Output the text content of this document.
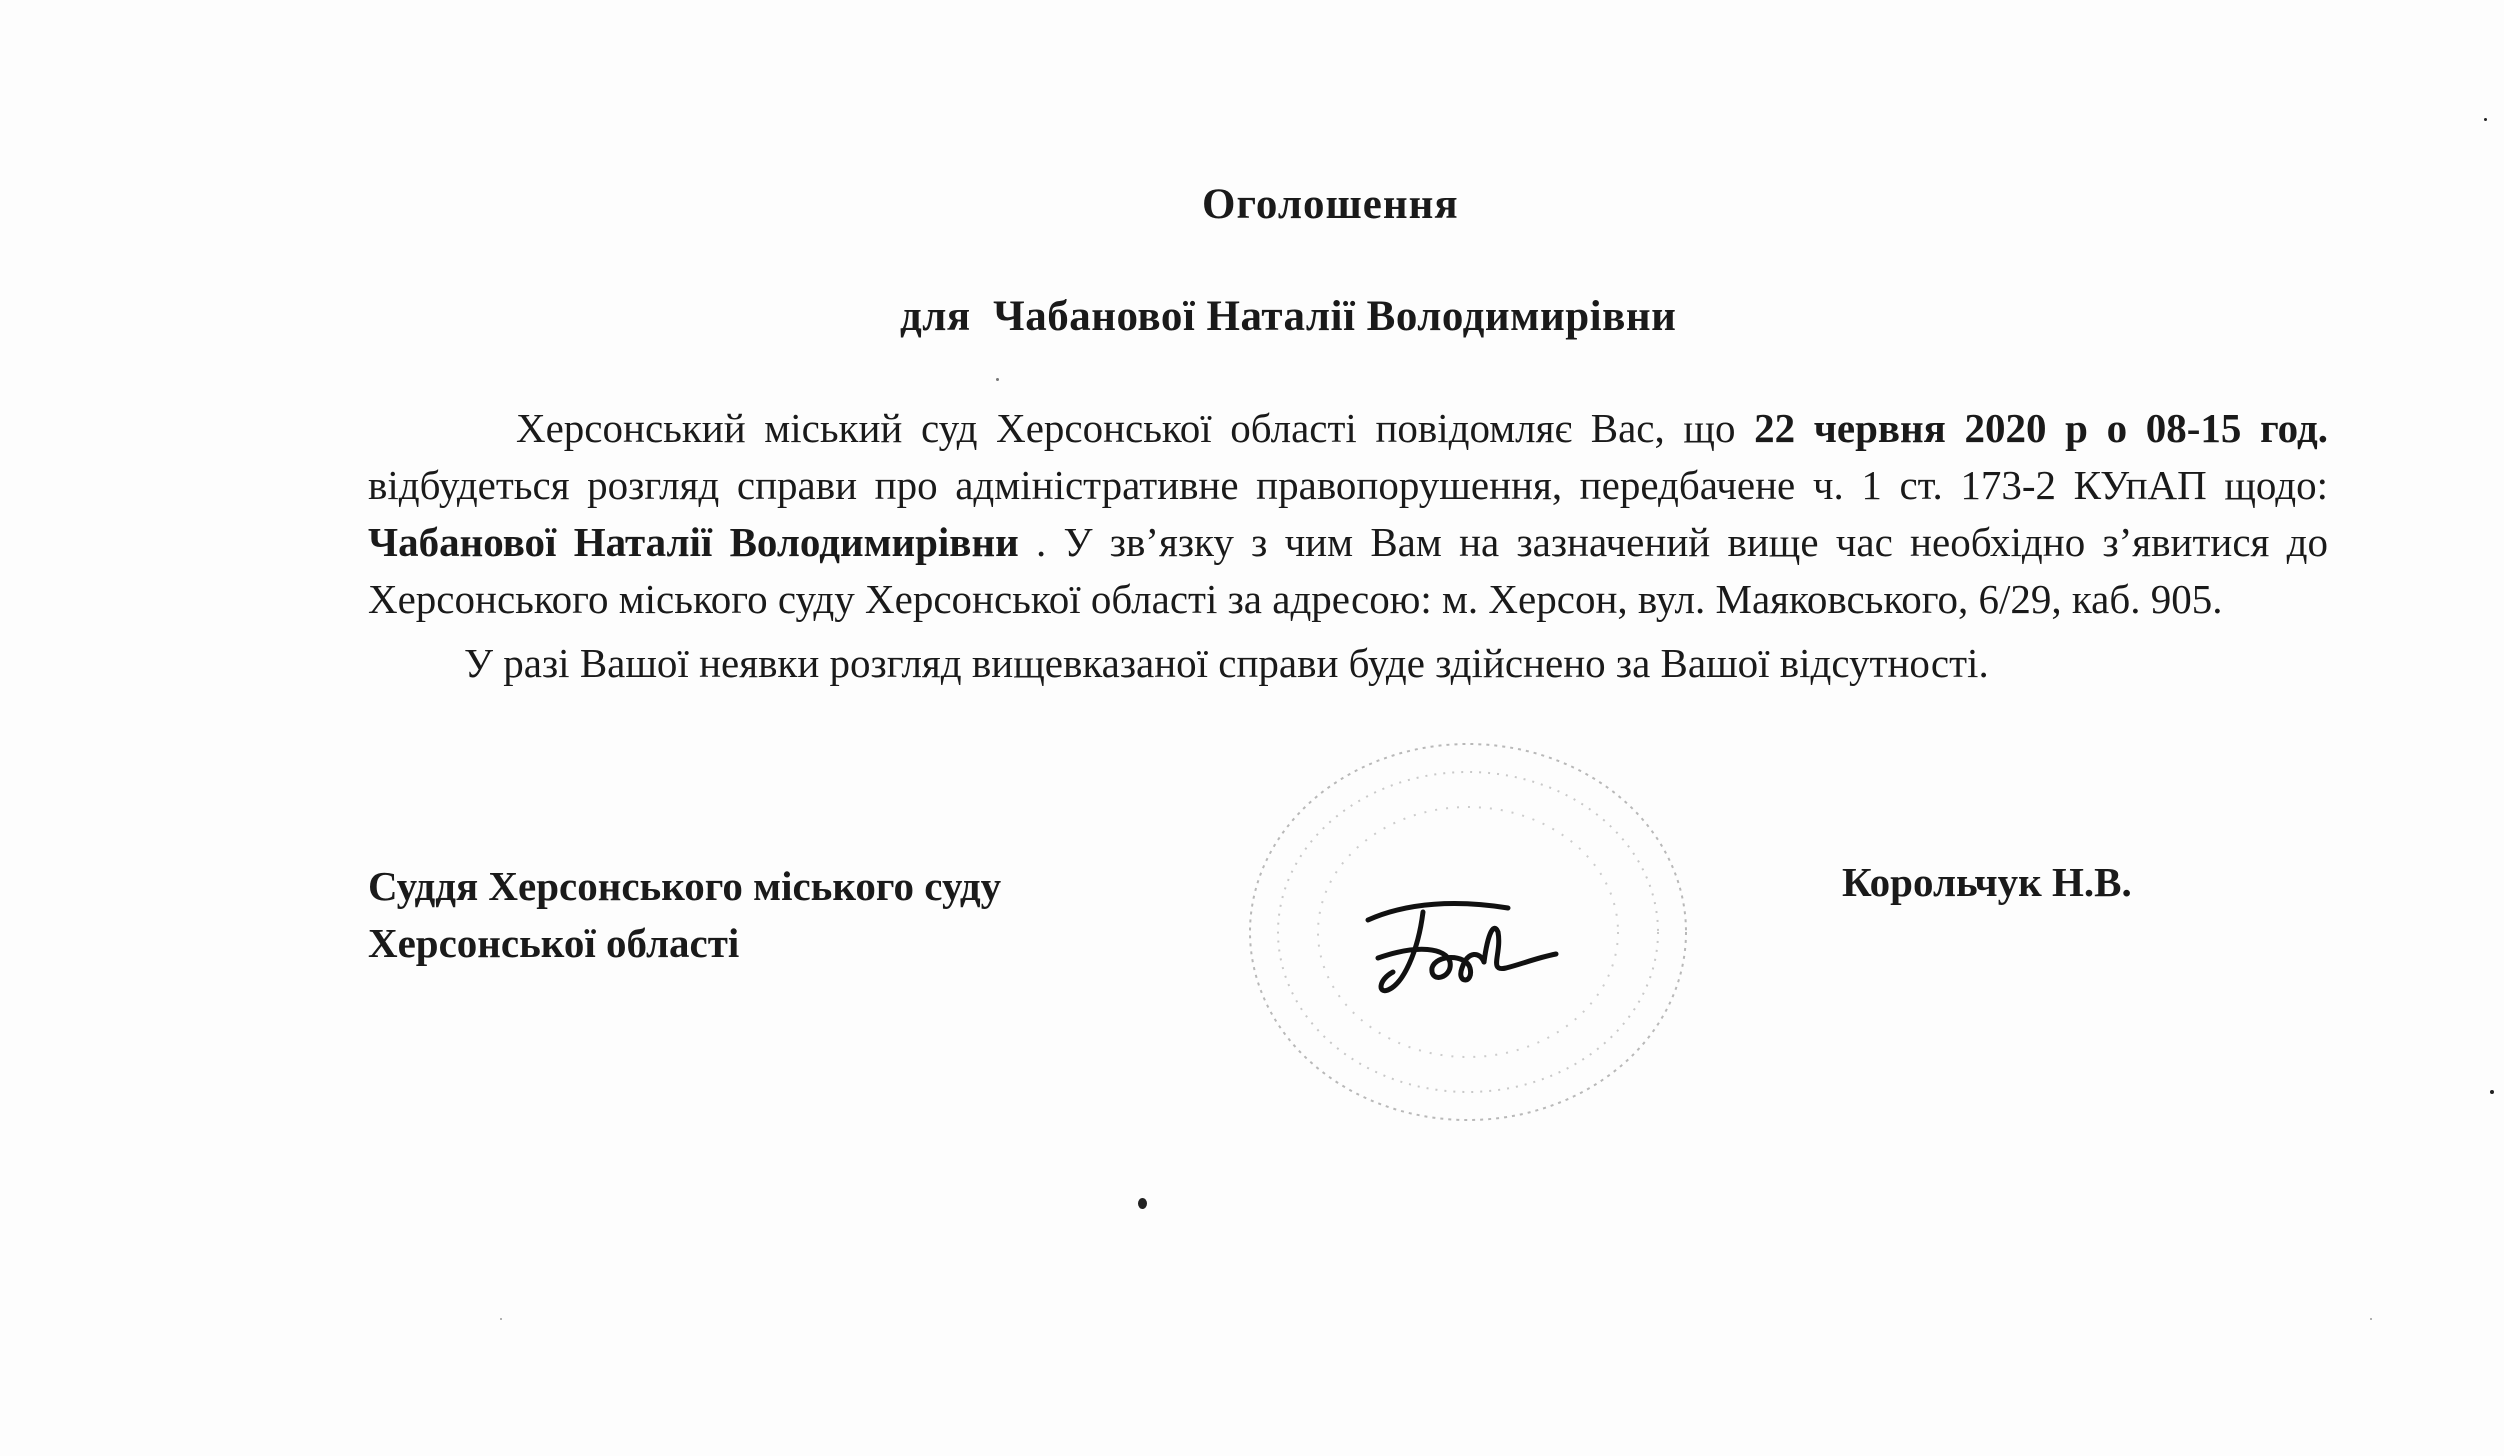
Оголошення
для  Чабанової Наталії Володимирівни

Херсонський міський суд Херсонської області повідомляє Вас, що 22 червня 2020 р о 08-15 год. відбудеться розгляд справи про адміністративне правопорушення, передбачене ч. 1 ст. 173-2 КУпАП щодо: Чабанової Наталії Володимирівни . У зв’язку з чим Вам на зазначений вище час необхідно з’явитися до Херсонського міського суду Херсонської області за адресою: м. Херсон, вул. Маяковського, 6/29, каб. 905.

У разі Вашої неявки розгляд вищевказаної справи буде здійснено за Вашої відсутності.

Суддя Херсонського міського суду
Херсонської області
Корольчук Н.В.
